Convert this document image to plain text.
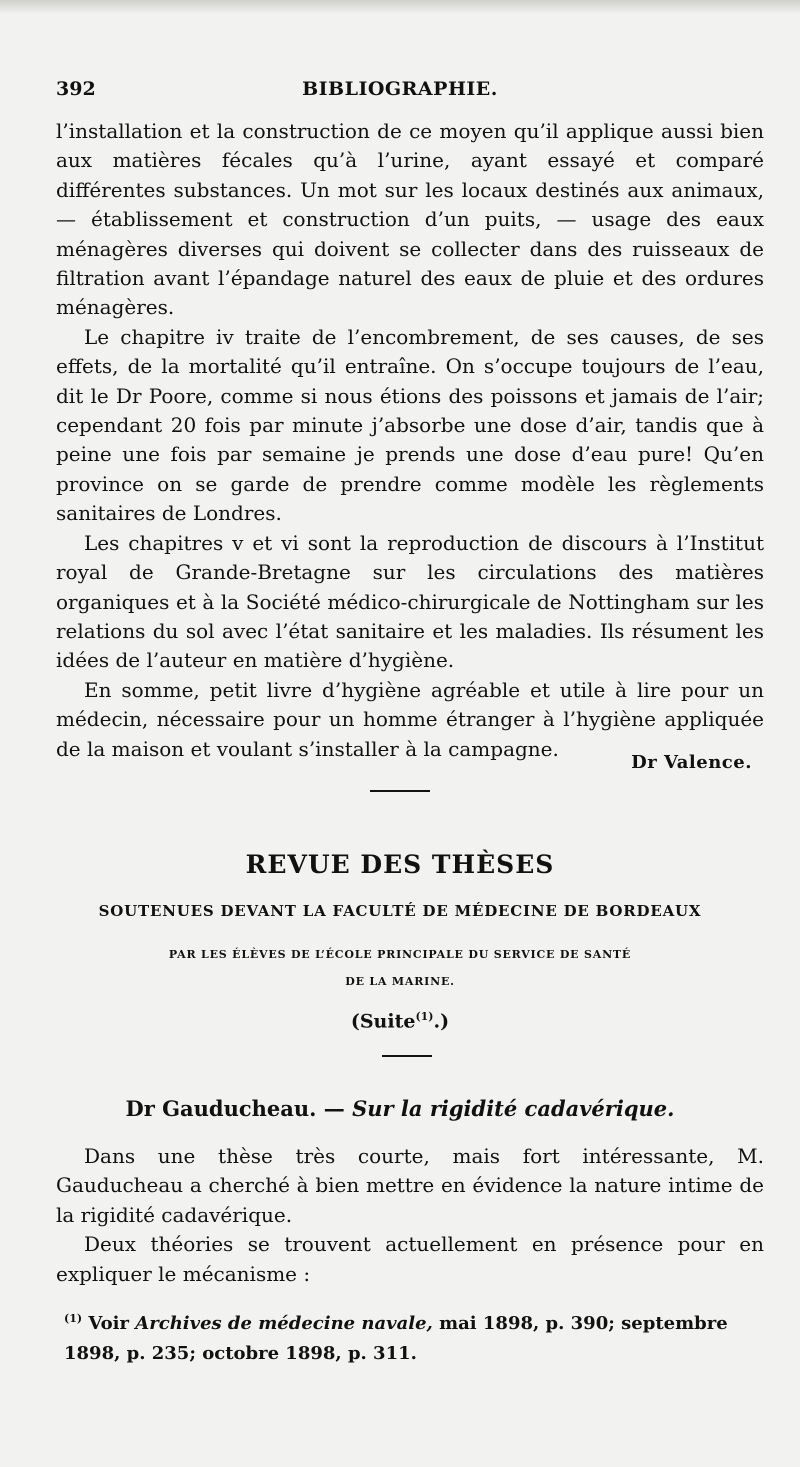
392	BIBLIOGRAPHIE.

l’installation et la construction de ce moyen qu’il applique aussi bien aux matières fécales qu’à l’urine, ayant essayé et comparé différentes substances. Un mot sur les locaux destinés aux animaux, — établissement et construction d’un puits, — usage des eaux ménagères diverses qui doivent se collecter dans des ruisseaux de filtration avant l’épandage naturel des eaux de pluie et des ordures ménagères.

Le chapitre iv traite de l’encombrement, de ses causes, de ses effets, de la mortalité qu’il entraîne. On s’occupe toujours de l’eau, dit le Dr Poore, comme si nous étions des poissons et jamais de l’air; cependant 20 fois par minute j’absorbe une dose d’air, tandis que à peine une fois par semaine je prends une dose d’eau pure! Qu’en province on se garde de prendre comme modèle les règlements sanitaires de Londres.

Les chapitres v et vi sont la reproduction de discours à l’Institut royal de Grande-Bretagne sur les circulations des matières organiques et à la Société médico-chirurgicale de Nottingham sur les relations du sol avec l’état sanitaire et les maladies. Ils résument les idées de l’auteur en matière d’hygiène.

En somme, petit livre d’hygiène agréable et utile à lire pour un médecin, nécessaire pour un homme étranger à l’hygiène appliquée de la maison et voulant s’installer à la campagne.

Dr Valence.
REVUE DES THÈSES
SOUTENUES DEVANT LA FACULTÉ DE MÉDECINE DE BORDEAUX
PAR LES ÉLÈVES DE L’ÉCOLE PRINCIPALE DU SERVICE DE SANTÉ
DE LA MARINE.
(Suite$^{(1)}$.)
Dr Gauducheau. — Sur la rigidité cadavérique.

Dans une thèse très courte, mais fort intéressante, M. Gauducheau a cherché à bien mettre en évidence la nature intime de la rigidité cadavérique.

Deux théories se trouvent actuellement en présence pour en expliquer le mécanisme :

$^{(1)}$ Voir Archives de médecine navale, mai 1898, p. 390; septembre 1898, p. 235; octobre 1898, p. 311.
